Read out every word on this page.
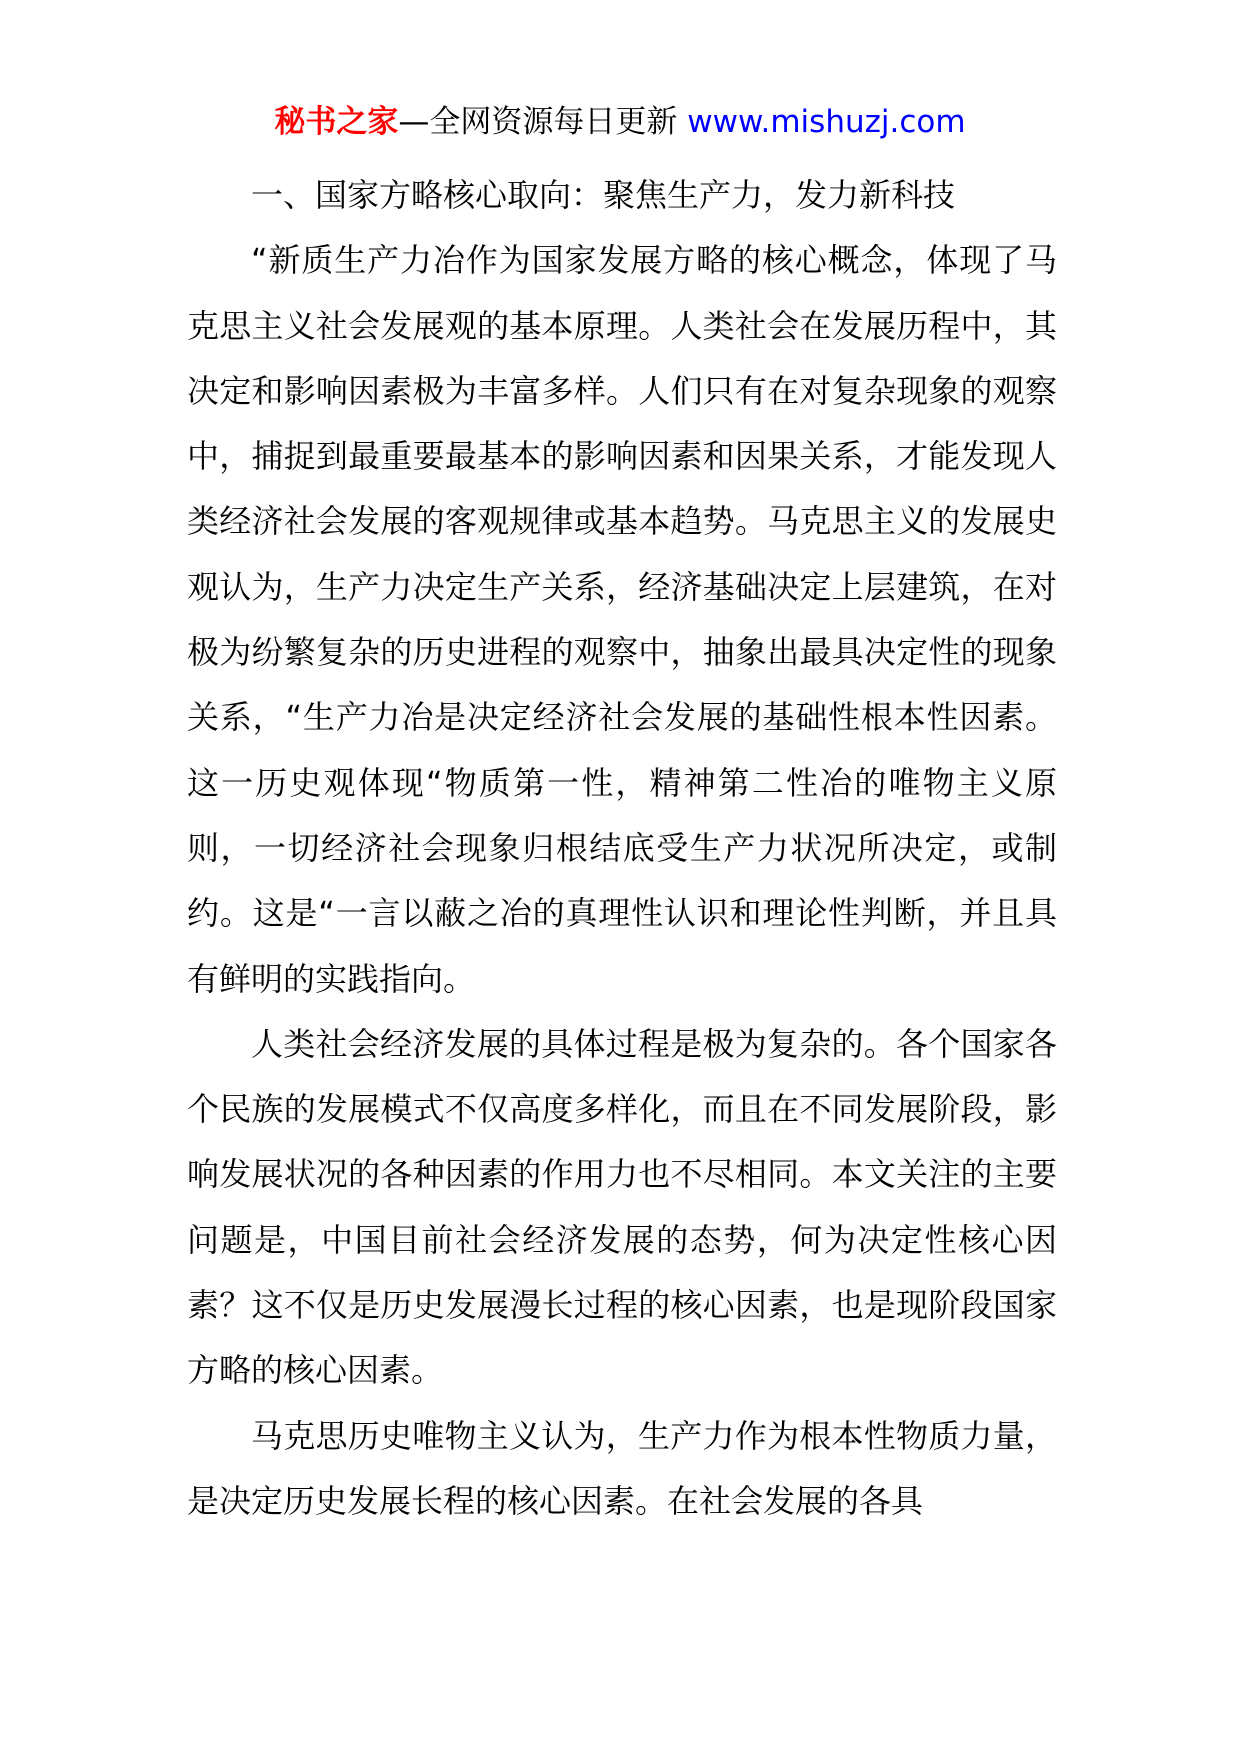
秘书之家—全网资源每日更新 www.mishuzj.com

一、国家方略核心取向：聚焦生产力，发力新科技

“新质生产力冶作为国家发展方略的核心概念，体现了马克思主义社会发展观的基本原理。人类社会在发展历程中，其决定和影响因素极为丰富多样。人们只有在对复杂现象的观察中，捕捉到最重要最基本的影响因素和因果关系，才能发现人类经济社会发展的客观规律或基本趋势。马克思主义的发展史观认为，生产力决定生产关系，经济基础决定上层建筑，在对极为纷繁复杂的历史进程的观察中，抽象出最具决定性的现象关系，“生产力冶是决定经济社会发展的基础性根本性因素。这一历史观体现“物质第一性，精神第二性冶的唯物主义原则，一切经济社会现象归根结底受生产力状况所决定，或制约。这是“一言以蔽之冶的真理性认识和理论性判断，并且具有鲜明的实践指向。

人类社会经济发展的具体过程是极为复杂的。各个国家各个民族的发展模式不仅高度多样化，而且在不同发展阶段，影响发展状况的各种因素的作用力也不尽相同。本文关注的主要问题是，中国目前社会经济发展的态势，何为决定性核心因素？这不仅是历史发展漫长过程的核心因素，也是现阶段国家方略的核心因素。

马克思历史唯物主义认为，生产力作为根本性物质力量，是决定历史发展长程的核心因素。在社会发展的各具
